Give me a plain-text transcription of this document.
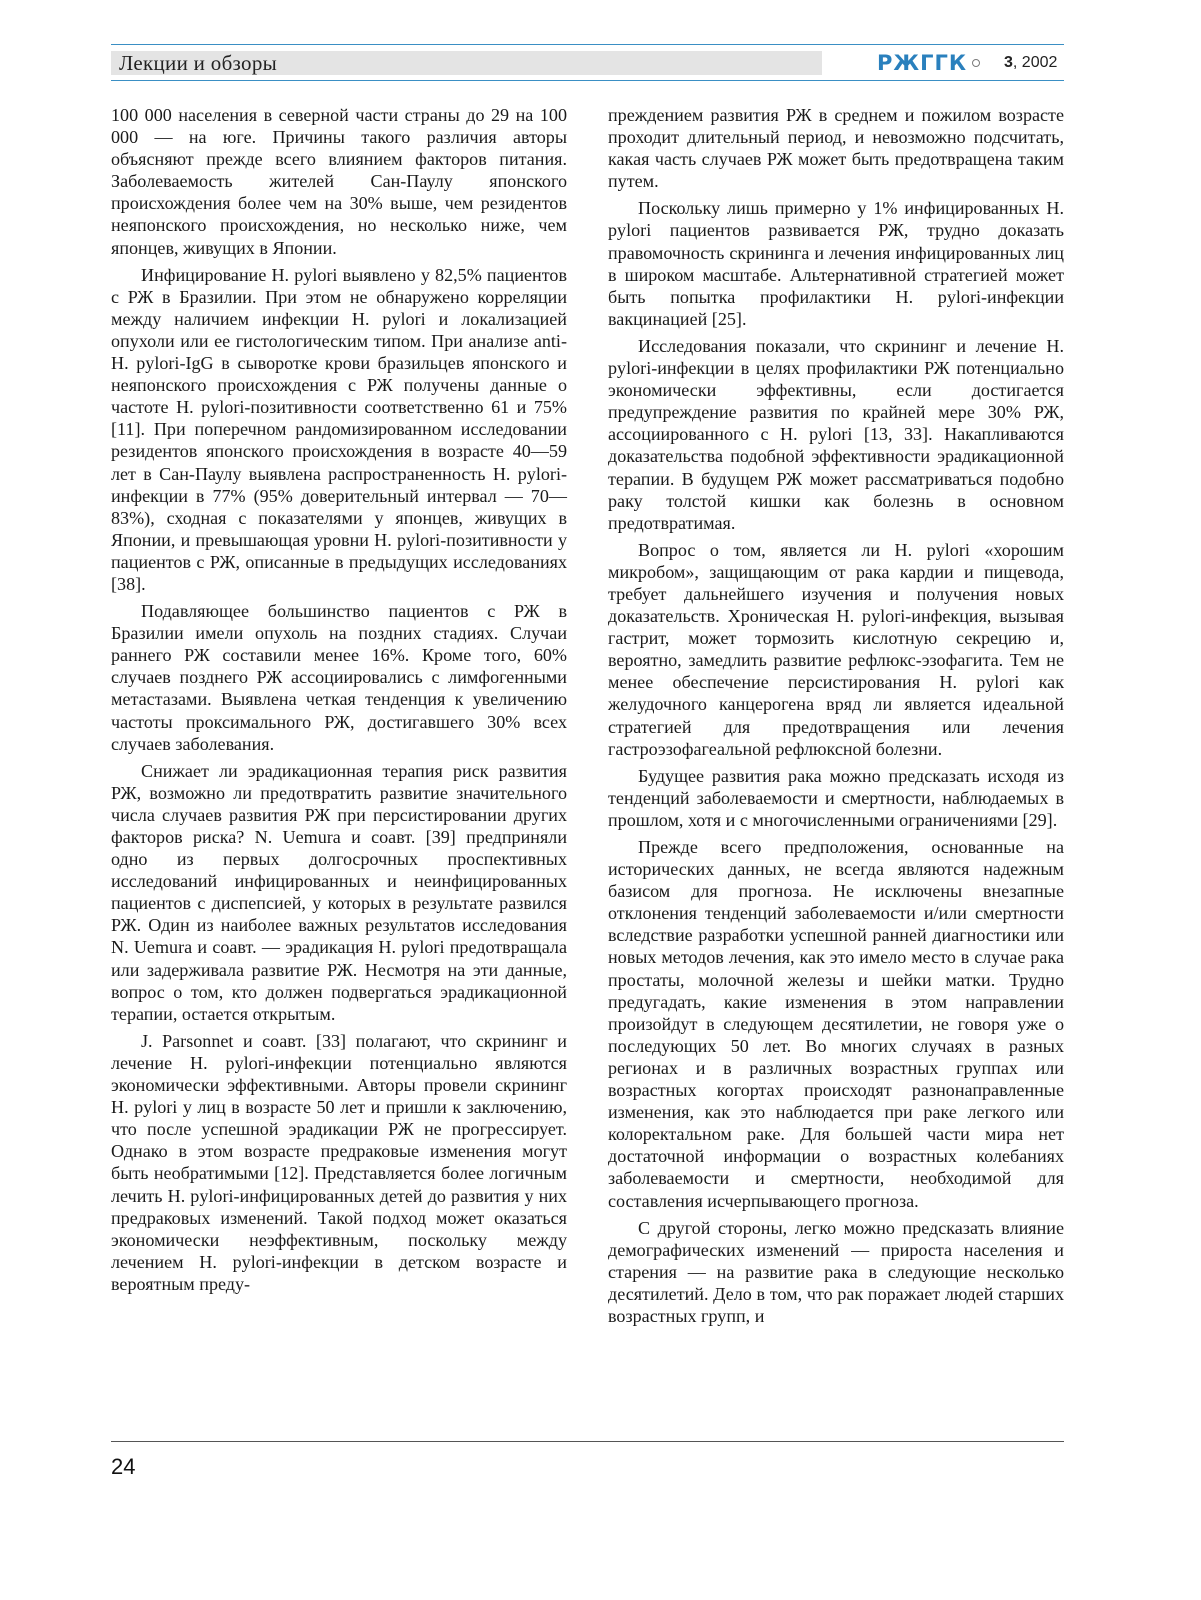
Лекции и обзоры	РЖГГК 3, 2002

100 000 населения в северной части страны до 29 на 100 000 — на юге. Причины такого различия авторы объясняют прежде всего влиянием факторов питания. Заболеваемость жителей Сан-Паулу японского происхождения более чем на 30% выше, чем резидентов неяпонского происхождения, но несколько ниже, чем японцев, живущих в Японии.

Инфицирование H. pylori выявлено у 82,5% пациентов с РЖ в Бразилии. При этом не обнаружено корреляции между наличием инфекции H. pylori и локализацией опухоли или ее гистологическим типом. При анализе anti-H. pylori-IgG в сыворотке крови бразильцев японского и неяпонского происхождения с РЖ получены данные о частоте H. pylori-позитивности соответственно 61 и 75% [11]. При поперечном рандомизированном исследовании резидентов японского происхождения в возрасте 40—59 лет в Сан-Паулу выявлена распространенность H. pylori-инфекции в 77% (95% доверительный интервал — 70—83%), сходная с показателями у японцев, живущих в Японии, и превышающая уровни H. pylori-позитивности у пациентов с РЖ, описанные в предыдущих исследованиях [38].

Подавляющее большинство пациентов с РЖ в Бразилии имели опухоль на поздних стадиях. Случаи раннего РЖ составили менее 16%. Кроме того, 60% случаев позднего РЖ ассоциировались с лимфогенными метастазами. Выявлена четкая тенденция к увеличению частоты проксимального РЖ, достигавшего 30% всех случаев заболевания.

Снижает ли эрадикационная терапия риск развития РЖ, возможно ли предотвратить развитие значительного числа случаев развития РЖ при персистировании других факторов риска? N. Uemura и соавт. [39] предприняли одно из первых долгосрочных проспективных исследований инфицированных и неинфицированных пациентов с диспепсией, у которых в результате развился РЖ. Один из наиболее важных результатов исследования N. Uemura и соавт. — эрадикация H. pylori предотвращала или задерживала развитие РЖ. Несмотря на эти данные, вопрос о том, кто должен подвергаться эрадикационной терапии, остается открытым.

J. Parsonnet и соавт. [33] полагают, что скрининг и лечение H. pylori-инфекции потенциально являются экономически эффективными. Авторы провели скрининг H. pylori у лиц в возрасте 50 лет и пришли к заключению, что после успешной эрадикации РЖ не прогрессирует. Однако в этом возрасте предраковые изменения могут быть необратимыми [12]. Представляется более логичным лечить H. pylori-инфицированных детей до развития у них предраковых изменений. Такой подход может оказаться экономически неэффективным, поскольку между лечением H. pylori-инфекции в детском возрасте и вероятным преду-

преждением развития РЖ в среднем и пожилом возрасте проходит длительный период, и невозможно подсчитать, какая часть случаев РЖ может быть предотвращена таким путем.

Поскольку лишь примерно у 1% инфицированных H. pylori пациентов развивается РЖ, трудно доказать правомочность скрининга и лечения инфицированных лиц в широком масштабе. Альтернативной стратегией может быть попытка профилактики H. pylori-инфекции вакцинацией [25].

Исследования показали, что скрининг и лечение H. pylori-инфекции в целях профилактики РЖ потенциально экономически эффективны, если достигается предупреждение развития по крайней мере 30% РЖ, ассоциированного с H. pylori [13, 33]. Накапливаются доказательства подобной эффективности эрадикационной терапии. В будущем РЖ может рассматриваться подобно раку толстой кишки как болезнь в основном предотвратимая.

Вопрос о том, является ли H. pylori «хорошим микробом», защищающим от рака кардии и пищевода, требует дальнейшего изучения и получения новых доказательств. Хроническая H. pylori-инфекция, вызывая гастрит, может тормозить кислотную секрецию и, вероятно, замедлить развитие рефлюкс-эзофагита. Тем не менее обеспечение персистирования H. pylori как желудочного канцерогена вряд ли является идеальной стратегией для предотвращения или лечения гастроэзофагеальной рефлюксной болезни.

Будущее развития рака можно предсказать исходя из тенденций заболеваемости и смертности, наблюдаемых в прошлом, хотя и с многочисленными ограничениями [29].

Прежде всего предположения, основанные на исторических данных, не всегда являются надежным базисом для прогноза. Не исключены внезапные отклонения тенденций заболеваемости и/или смертности вследствие разработки успешной ранней диагностики или новых методов лечения, как это имело место в случае рака простаты, молочной железы и шейки матки. Трудно предугадать, какие изменения в этом направлении произойдут в следующем десятилетии, не говоря уже о последующих 50 лет. Во многих случаях в разных регионах и в различных возрастных группах или возрастных когортах происходят разнонаправленные изменения, как это наблюдается при раке легкого или колоректальном раке. Для большей части мира нет достаточной информации о возрастных колебаниях заболеваемости и смертности, необходимой для составления исчерпывающего прогноза.

С другой стороны, легко можно предсказать влияние демографических изменений — прироста населения и старения — на развитие рака в следующие несколько десятилетий. Дело в том, что рак поражает людей старших возрастных групп, и

24
